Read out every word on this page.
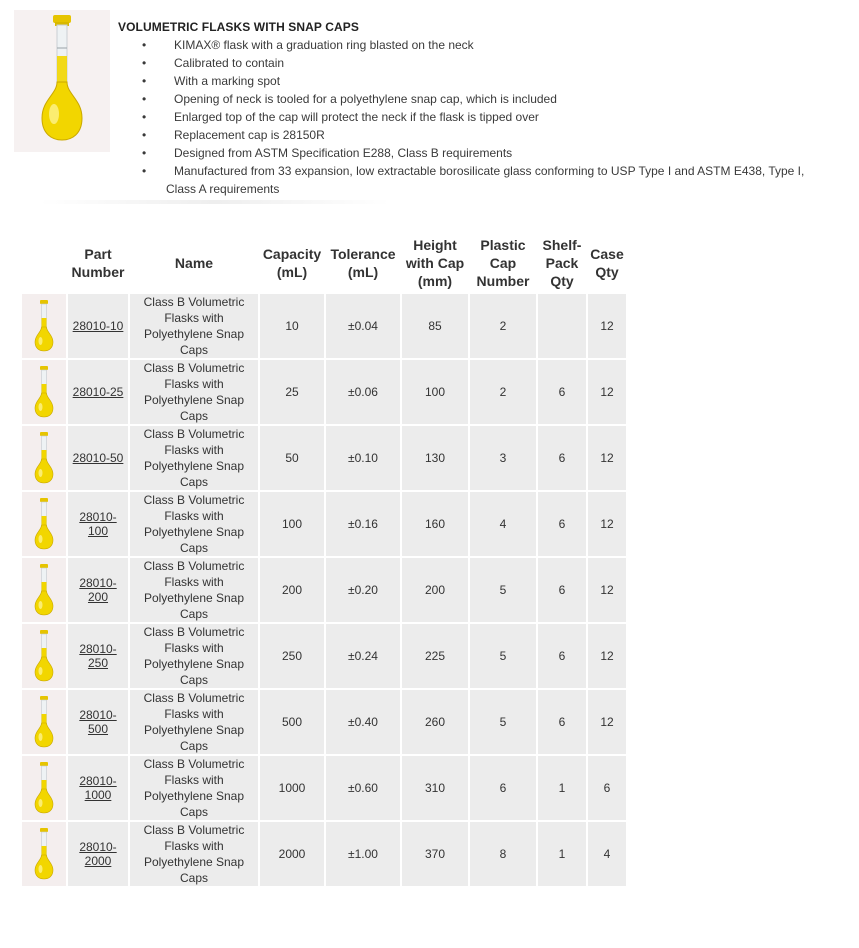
VOLUMETRIC FLASKS WITH SNAP CAPS
• KIMAX® flask with a graduation ring blasted on the neck
• Calibrated to contain
• With a marking spot
• Opening of neck is tooled for a polyethylene snap cap, which is included
• Enlarged top of the cap will protect the neck if the flask is tipped over
• Replacement cap is 28150R
• Designed from ASTM Specification E288, Class B requirements
• Manufactured from 33 expansion, low extractable borosilicate glass conforming to USP Type I and ASTM E438, Type I,
Class A requirements
	Part
Number	Name	Capacity
(mL)	Tolerance
(mL)	Height
with Cap
(mm)	Plastic
Cap
Number	Shelf-
Pack
Qty	Case
Qty

	28010-10	Class B Volumetric
Flasks with
Polyethylene Snap
Caps	10	±0.04	85	2		12

	28010-25	Class B Volumetric
Flasks with
Polyethylene Snap
Caps	25	±0.06	100	2	6	12

	28010-50	Class B Volumetric
Flasks with
Polyethylene Snap
Caps	50	±0.10	130	3	6	12

	28010-
100	Class B Volumetric
Flasks with
Polyethylene Snap
Caps	100	±0.16	160	4	6	12

	28010-
200	Class B Volumetric
Flasks with
Polyethylene Snap
Caps	200	±0.20	200	5	6	12

	28010-
250	Class B Volumetric
Flasks with
Polyethylene Snap
Caps	250	±0.24	225	5	6	12

	28010-
500	Class B Volumetric
Flasks with
Polyethylene Snap
Caps	500	±0.40	260	5	6	12

	28010-
1000	Class B Volumetric
Flasks with
Polyethylene Snap
Caps	1000	±0.60	310	6	1	6

	28010-
2000	Class B Volumetric
Flasks with
Polyethylene Snap
Caps	2000	±1.00	370	8	1	4
